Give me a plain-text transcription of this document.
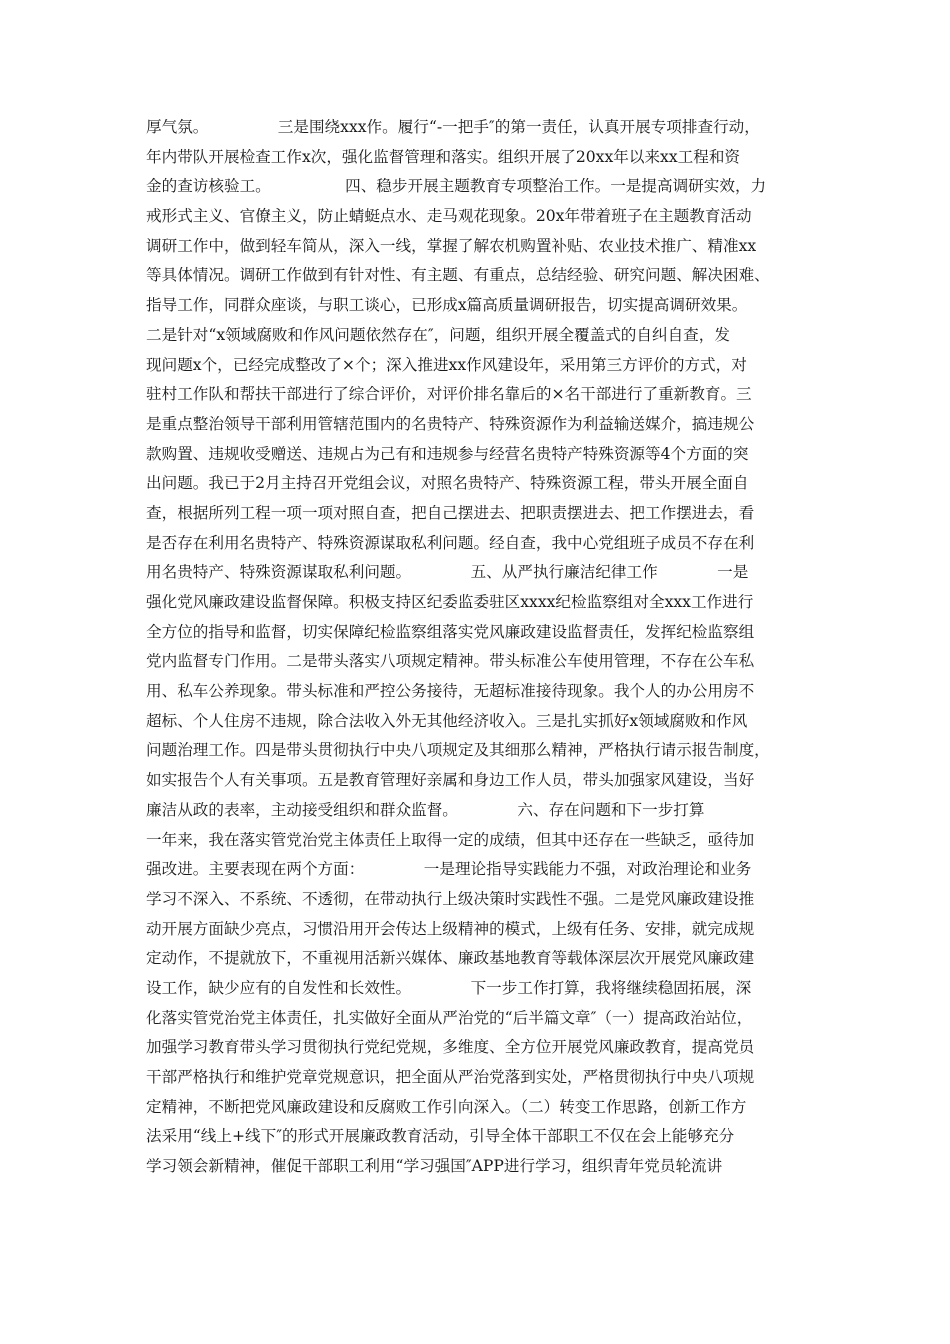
厚气氛。              三是围绕xxx作。履行“-一把手″的第一责任，认真开展专项排查行动，
年内带队开展检查工作x次，强化监督管理和落实。组织开展了20xx年以来xx工程和资
金的查访核验工。               四、稳步开展主题教育专项整治工作。一是提高调研实效，力
戒形式主义、官僚主义，防止蜻蜓点水、走马观花现象。20x年带着班子在主题教育活动
调研工作中，做到轻车简从，深入一线，掌握了解农机购置补贴、农业技术推广、精准xx
等具体情况。调研工作做到有针对性、有主题、有重点，总结经验、研究问题、解决困难、
指导工作，同群众座谈，与职工谈心，已形成x篇高质量调研报告，切实提高调研效果。
二是针对“x领域腐败和作风问题依然存在″，问题，组织开展全覆盖式的自纠自查，发
现问题x个，已经完成整改了×个；深入推进xx作风建设年，采用第三方评价的方式，对
驻村工作队和帮扶干部进行了综合评价，对评价排名靠后的×名干部进行了重新教育。三
是重点整治领导干部利用管辖范围内的名贵特产、特殊资源作为利益输送媒介，搞违规公
款购置、违规收受赠送、违规占为己有和违规参与经营名贵特产特殊资源等4个方面的突
出问题。我已于2月主持召开党组会议，对照名贵特产、特殊资源工程，带头开展全面自
查，根据所列工程一项一项对照自查，把自己摆进去、把职责摆进去、把工作摆进去，看
是否存在利用名贵特产、特殊资源谋取私利问题。经自查，我中心党组班子成员不存在利
用名贵特产、特殊资源谋取私利问题。            五、从严执行廉洁纪律工作            一是
强化党风廉政建设监督保障。积极支持区纪委监委驻区xxxx纪检监察组对全xxx工作进行
全方位的指导和监督，切实保障纪检监察组落实党风廉政建设监督责任，发挥纪检监察组
党内监督专门作用。二是带头落实八项规定精神。带头标准公车使用管理，不存在公车私
用、私车公养现象。带头标准和严控公务接待，无超标准接待现象。我个人的办公用房不
超标、个人住房不违规，除合法收入外无其他经济收入。三是扎实抓好x领域腐败和作风
问题治理工作。四是带头贯彻执行中央八项规定及其细那么精神，严格执行请示报告制度，
如实报告个人有关事项。五是教育管理好亲属和身边工作人员，带头加强家风建设，当好
廉洁从政的表率，主动接受组织和群众监督。            六、存在问题和下一步打算
一年来，我在落实管党治党主体责任上取得一定的成绩，但其中还存在一些缺乏，亟待加
强改进。主要表现在两个方面：            一是理论指导实践能力不强，对政治理论和业务
学习不深入、不系统、不透彻，在带动执行上级决策时实践性不强。二是党风廉政建设推
动开展方面缺少亮点，习惯沿用开会传达上级精神的模式，上级有任务、安排，就完成规
定动作，不提就放下，不重视用活新兴媒体、廉政基地教育等载体深层次开展党风廉政建
设工作，缺少应有的自发性和长效性。            下一步工作打算，我将继续稳固拓展，深
化落实管党治党主体责任，扎实做好全面从严治党的“后半篇文章″（一）提高政治站位，
加强学习教育带头学习贯彻执行党纪党规，多维度、全方位开展党风廉政教育，提高党员
干部严格执行和维护党章党规意识，把全面从严治党落到实处，严格贯彻执行中央八项规
定精神，不断把党风廉政建设和反腐败工作引向深入。（二）转变工作思路，创新工作方
法采用“线上+线下″的形式开展廉政教育活动，引导全体干部职工不仅在会上能够充分
学习领会新精神，催促干部职工利用“学习强国″APP进行学习，组织青年党员轮流讲
